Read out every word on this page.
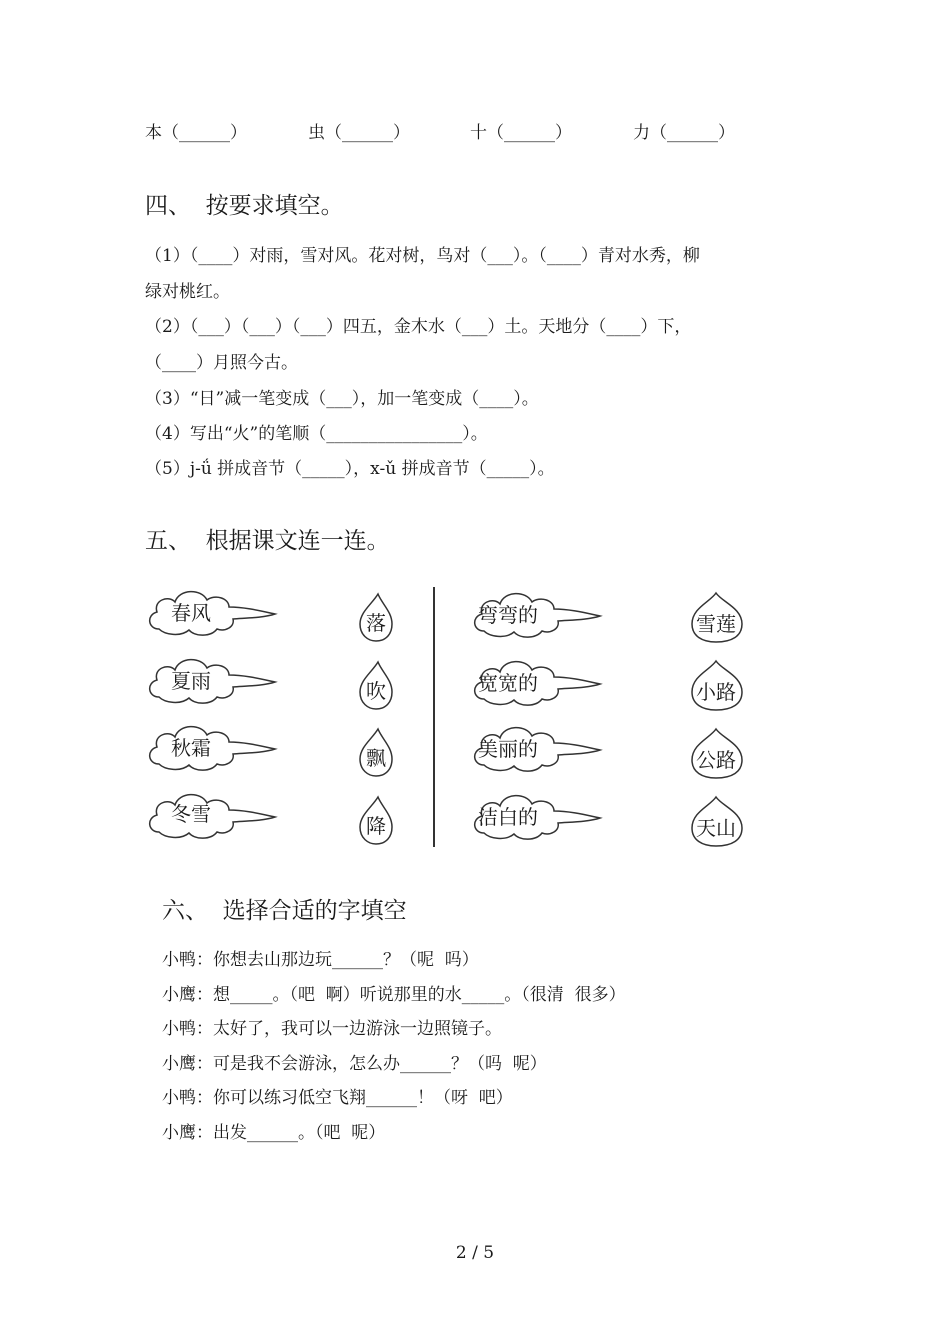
本（______）	虫（______）	十（______）	力（______）
四、  按要求填空。
（1）（____）对雨，雪对风。花对树，鸟对（___）。（____）青对水秀，柳
绿对桃红。
（2）（___）（___）（___）四五，金木水（___）土。天地分（____）下，
（____）月照今古。
（3）“日”减一笔变成（___），加一笔变成（____）。
（4）写出“火”的笔顺（________________）。
（5）j-ǘ 拼成音节（_____），x-ǔ 拼成音节（_____）。
五、  根据课文连一连。
春风
夏雨
秋霜
冬雪
落
吹
飘
降
弯弯的
宽宽的
美丽的
洁白的
雪莲
小路
公路
天山
六、  选择合适的字填空
小鸭：你想去山那边玩______？（呢  吗）
小鹰：想_____。（吧  啊）听说那里的水_____。（很清  很多）
小鸭：太好了，我可以一边游泳一边照镜子。
小鹰：可是我不会游泳，怎么办______？（吗  呢）
小鸭：你可以练习低空飞翔______！（呀  吧）
小鹰：出发______。（吧  呢）
2 / 5
